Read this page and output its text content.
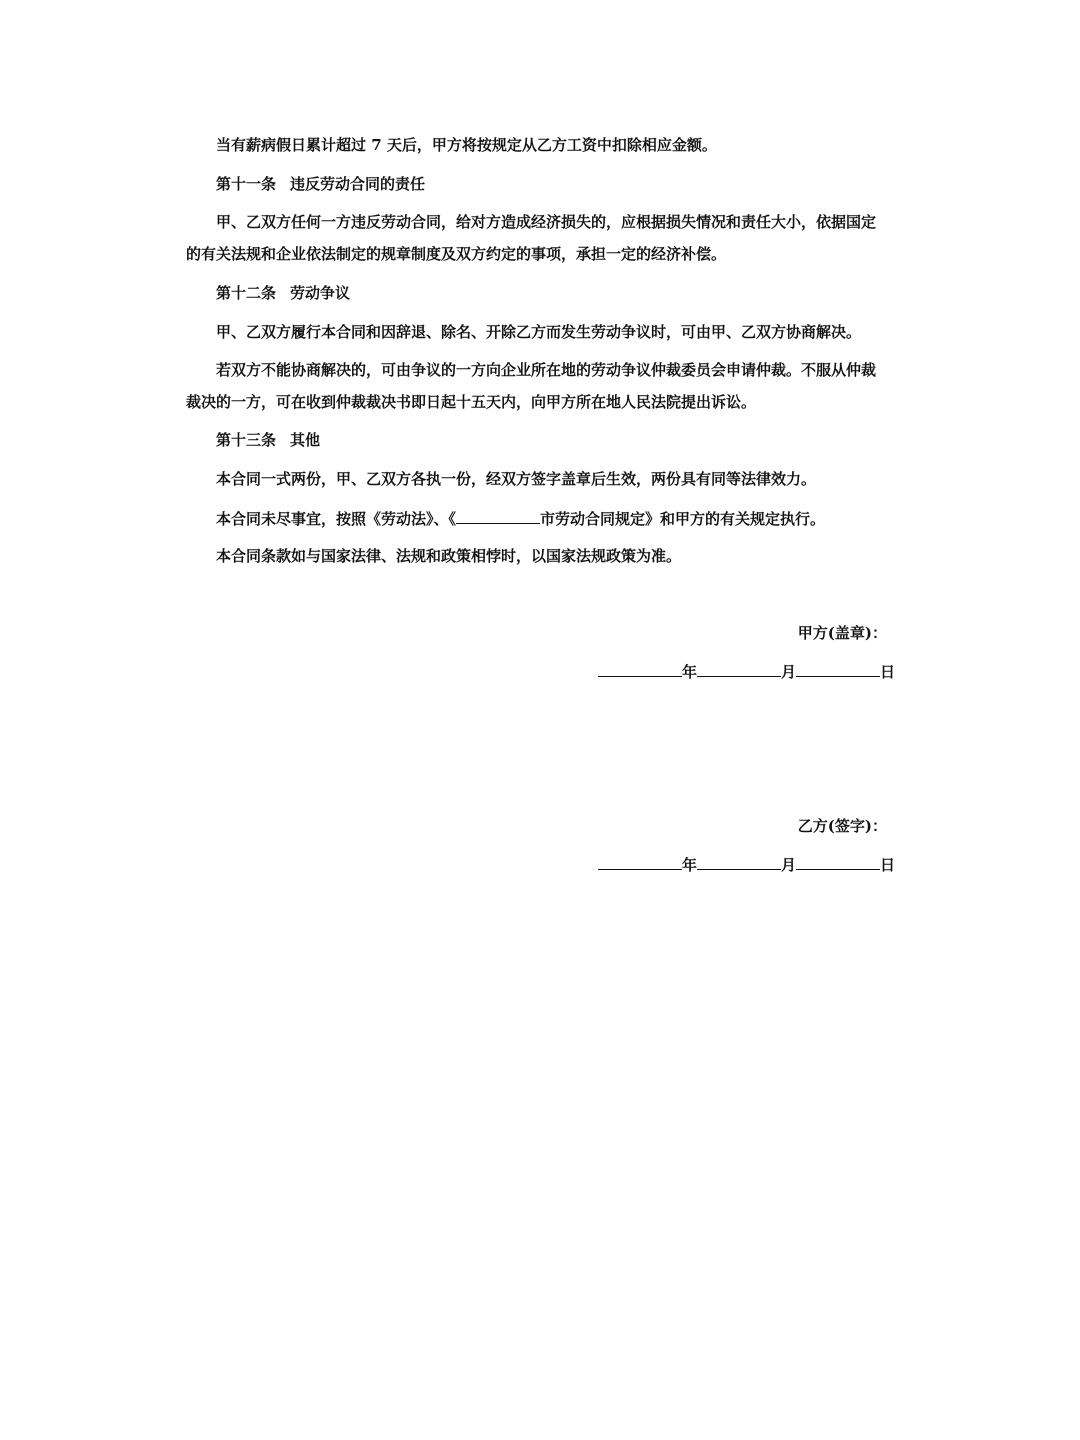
当有薪病假日累计超过 7 天后，甲方将按规定从乙方工资中扣除相应金额。
第十一条 违反劳动合同的责任
甲、乙双方任何一方违反劳动合同，给对方造成经济损失的，应根据损失情况和责任大小，依据国定
的有关法规和企业依法制定的规章制度及双方约定的事项，承担一定的经济补偿。
第十二条 劳动争议
甲、乙双方履行本合同和因辞退、除名、开除乙方而发生劳动争议时，可由甲、乙双方协商解决。
若双方不能协商解决的，可由争议的一方向企业所在地的劳动争议仲裁委员会申请仲裁。不服从仲裁
裁决的一方，可在收到仲裁裁决书即日起十五天内，向甲方所在地人民法院提出诉讼。
第十三条 其他
本合同一式两份，甲、乙双方各执一份，经双方签字盖章后生效，两份具有同等法律效力。
本合同未尽事宜，按照《劳动法》、《	市劳动合同规定》和甲方的有关规定执行。
本合同条款如与国家法律、法规和政策相悖时，以国家法规政策为准。
甲方(盖章)：
年	月	日
乙方(签字)：
年	月	日
